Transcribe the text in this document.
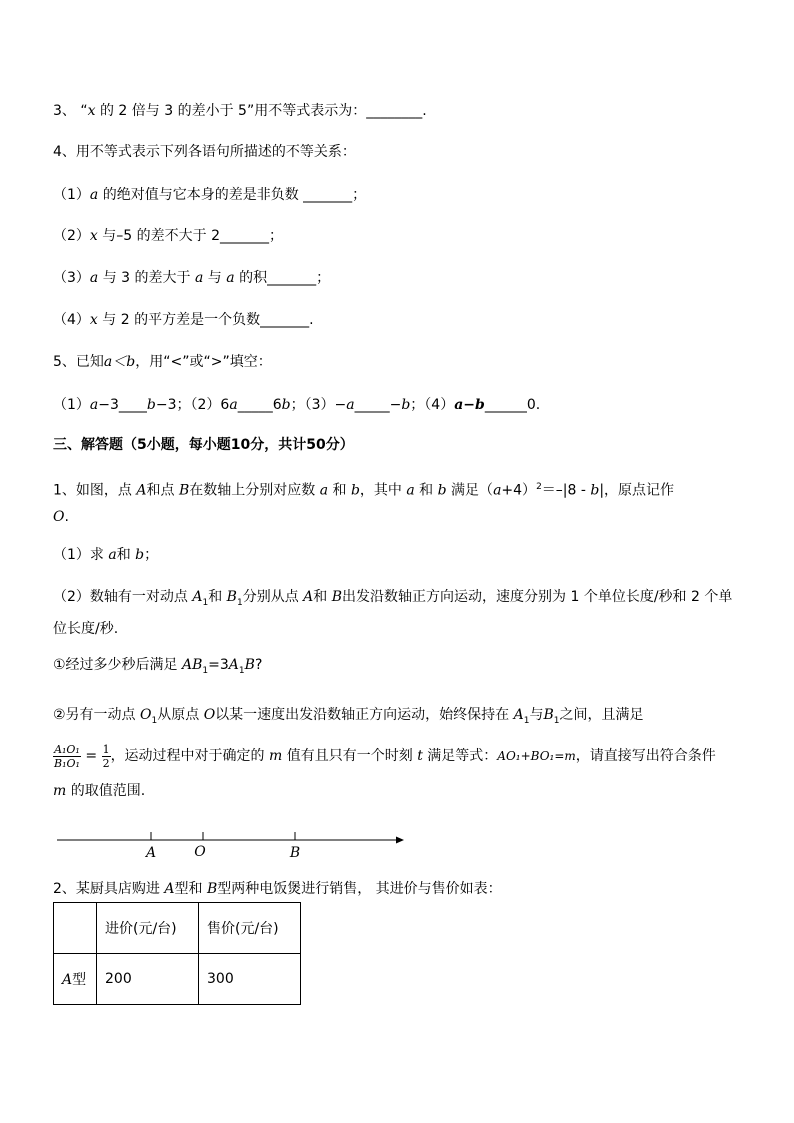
3、 “x 的 2 倍与 3 的差小于 5”用不等式表示为：________.
4、用不等式表示下列各语句所描述的不等关系：
（1）a 的绝对值与它本身的差是非负数 _______；
（2）x 与–5 的差不大于 2_______；
（3）a 与 3 的差大于 a 与 a 的积_______；
（4）x 与 2 的平方差是一个负数_______.
5、已知a＜b，用“<”或“>”填空：
（1）a−3____b−3；（2）6a_____6b；（3）−a_____−b；（4）a−b______0.
三、解答题（5小题，每小题10分，共计50分）
1、如图，点 A和点 B在数轴上分别对应数 a 和 b，其中 a 和 b 满足$(a+4)^2=-|8 - b|$，原点记作
O.
（1）求 a和 b；
（2）数轴有一对动点 $A_1$和 $B_1$分别从点 A和 B出发沿数轴正方向运动，速度分别为 1 个单位长度/秒和 2 个单位长度/秒.
①经过多少秒后满足 $AB_1=3A_1B$?
②另有一动点 $O_1$从原点 O以某一速度出发沿数轴正方向运动，始终保持在 $A_1$与$B_1$之间，且满足
$\frac{\text{A₁O₁}}{\text{B₁O₁}} = \frac{1}{2}$ ，运动过程中对于确定的 m 值有且只有一个时刻 t 满足等式：AO₁+BO₁=m，请直接写出符合条件
m 的取值范围.
A	O	B
2、某厨具店购进 A型和 B型两种电饭煲进行销售， 其进价与售价如表：
	进价(元/台)	售价(元/台)
A型	200	300
